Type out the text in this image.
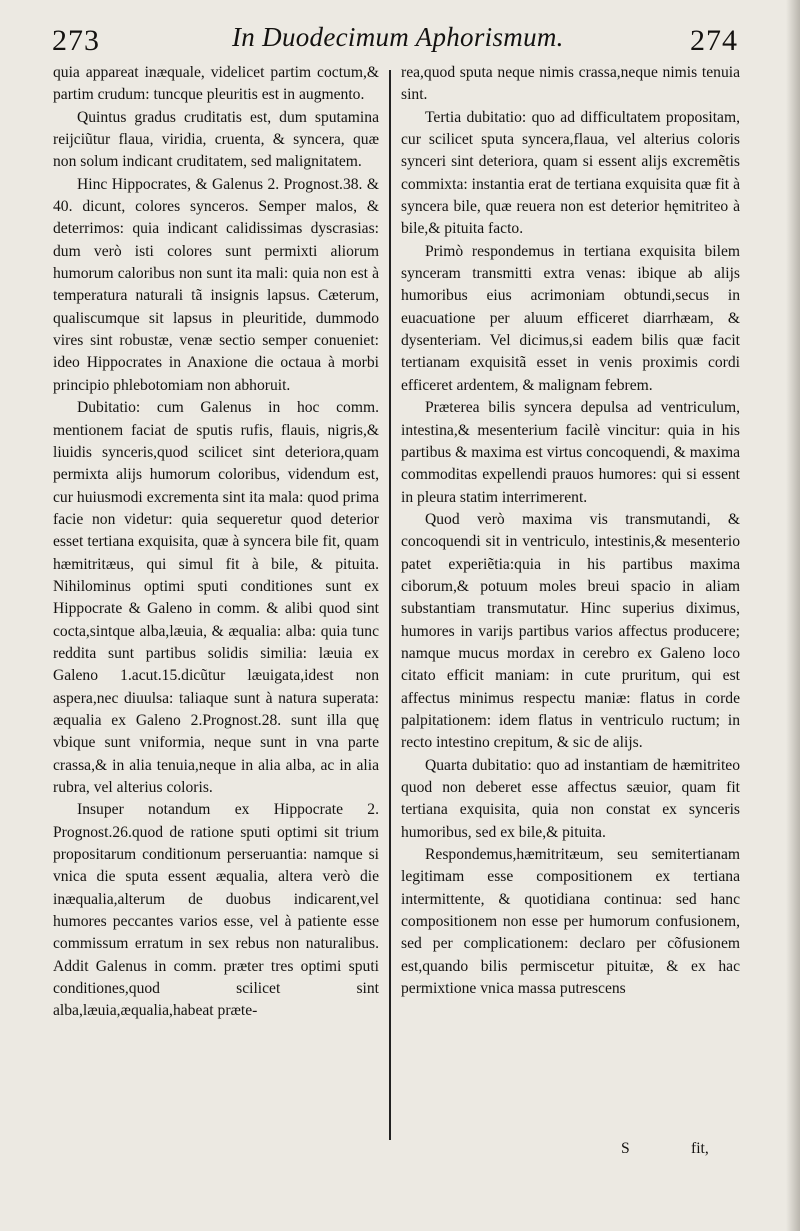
273	In Duodecimum Aphorismum.	274

quia appareat inæquale, videlicet partim coctum,& partim crudum: tuncque pleuritis est in augmento.

Quintus gradus cruditatis est, dum sputamina reijciũtur flaua, viridia, cruenta, & syncera, quæ non solum indicant cruditatem, sed malignitatem.

Hinc Hippocrates, & Galenus 2. Prognost.38. & 40. dicunt, colores synceros. Semper malos, & deterrimos: quia indicant calidissimas dyscrasias: dum verò isti colores sunt permixti aliorum humorum caloribus non sunt ita mali: quia non est à temperatura naturali tã insignis lapsus. Cæterum, qualiscumque sit lapsus in pleuritide, dummodo vires sint robustæ, venæ sectio semper conueniet: ideo Hippocrates in Anaxione die octaua à morbi principio phlebotomiam non abhoruit.

Dubitatio: cum Galenus in hoc comm. mentionem faciat de sputis rufis, flauis, nigris,& liuidis synceris,quod scilicet sint deteriora,quam permixta alijs humorum coloribus, videndum est, cur huiusmodi excrementa sint ita mala: quod prima facie non videtur: quia sequeretur quod deterior esset tertiana exquisita, quæ à syncera bile fit, quam hæmitritæus, qui simul fit à bile, & pituita. Nihilominus optimi sputi conditiones sunt ex Hippocrate & Galeno in comm. & alibi quod sint cocta,sintque alba,læuia, & æqualia: alba: quia tunc reddita sunt partibus solidis similia: læuia ex Galeno 1.acut.15.dicũtur læuigata,idest non aspera,nec diuulsa: taliaque sunt à natura superata: æqualia ex Galeno 2.Prognost.28. sunt illa quę vbique sunt vniformia, neque sunt in vna parte crassa,& in alia tenuia,neque in alia alba, ac in alia rubra, vel alterius coloris.

Insuper notandum ex Hippocrate 2. Prognost.26.quod de ratione sputi optimi sit trium propositarum conditionum perseruantia: namque si vnica die sputa essent æqualia, altera verò die inæqualia,alterum de duobus indicarent,vel humores peccantes varios esse, vel à patiente esse commissum erratum in sex rebus non naturalibus. Addit Galenus in comm. præter tres optimi sputi conditiones,quod scilicet sint alba,læuia,æqualia,habeat præte-

rea,quod sputa neque nimis crassa,neque nimis tenuia sint.

Tertia dubitatio: quo ad difficultatem propositam, cur scilicet sputa syncera,flaua, vel alterius coloris synceri sint deteriora, quam si essent alijs excremẽtis commixta: instantia erat de tertiana exquisita quæ fit à syncera bile, quæ reuera non est deterior hęmitriteo à bile,& pituita facto.

Primò respondemus in tertiana exquisita bilem synceram transmitti extra venas: ibique ab alijs humoribus eius acrimoniam obtundi,secus in euacuatione per aluum efficeret diarrhæam, & dysenteriam. Vel dicimus,si eadem bilis quæ facit tertianam exquisitã esset in venis proximis cordi efficeret ardentem, & malignam febrem.

Præterea bilis syncera depulsa ad ventriculum, intestina,& mesenterium facilè vincitur: quia in his partibus & maxima est virtus concoquendi, & maxima commoditas expellendi prauos humores: qui si essent in pleura statim interrimerent.

Quod verò maxima vis transmutandi, & concoquendi sit in ventriculo, intestinis,& mesenterio patet experiẽtia:quia in his partibus maxima ciborum,& potuum moles breui spacio in aliam substantiam transmutatur. Hinc superius diximus, humores in varijs partibus varios affectus producere; namque mucus mordax in cerebro ex Galeno loco citato efficit maniam: in cute pruritum, qui est affectus minimus respectu maniæ: flatus in corde palpitationem: idem flatus in ventriculo ructum; in recto intestino crepitum, & sic de alijs.

Quarta dubitatio: quo ad instantiam de hæmitriteo quod non deberet esse affectus sæuior, quam fit tertiana exquisita, quia non constat ex synceris humoribus, sed ex bile,& pituita.

Respondemus,hæmitritæum, seu semitertianam legitimam esse compositionem ex tertiana intermittente, & quotidiana continua: sed hanc compositionem non esse per humorum confusionem, sed per complicationem: declaro per cõfusionem est,quando bilis permiscetur pituitæ, & ex hac permixtione vnica massa putrescens

S	fit,
